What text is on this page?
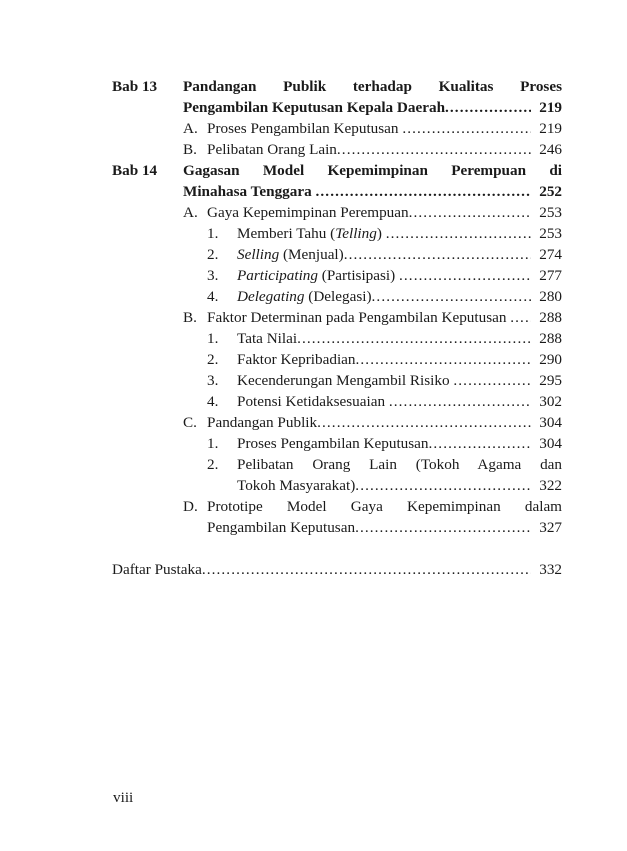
Bab 13	Pandangan Publik terhadap Kualitas Proses
Pengambilan Keputusan Kepala Daerah .....	219
A. Proses Pengambilan Keputusan .....	219
B. Pelibatan Orang Lain .....	246
Bab 14	Gagasan Model Kepemimpinan Perempuan di
Minahasa Tenggara .....	252
A. Gaya Kepemimpinan Perempuan .....	253
1.	Memberi Tahu (Telling) .....	253
2.	Selling (Menjual) .....	274
3.	Participating (Partisipasi) .....	277
4.	Delegating (Delegasi) .....	280
B. Faktor Determinan pada Pengambilan Keputusan .....	288
1.	Tata Nilai .....	288
2.	Faktor Kepribadian .....	290
3.	Kecenderungan Mengambil Risiko .....	295
4.	Potensi Ketidaksesuaian .....	302
C. Pandangan Publik .....	304
1.	Proses Pengambilan Keputusan .....	304
2.	Pelibatan Orang Lain (Tokoh Agama dan
Tokoh Masyarakat) .....	322
D. Prototipe Model Gaya Kepemimpinan dalam
Pengambilan Keputusan .....	327
Daftar Pustaka .....	332
viii
